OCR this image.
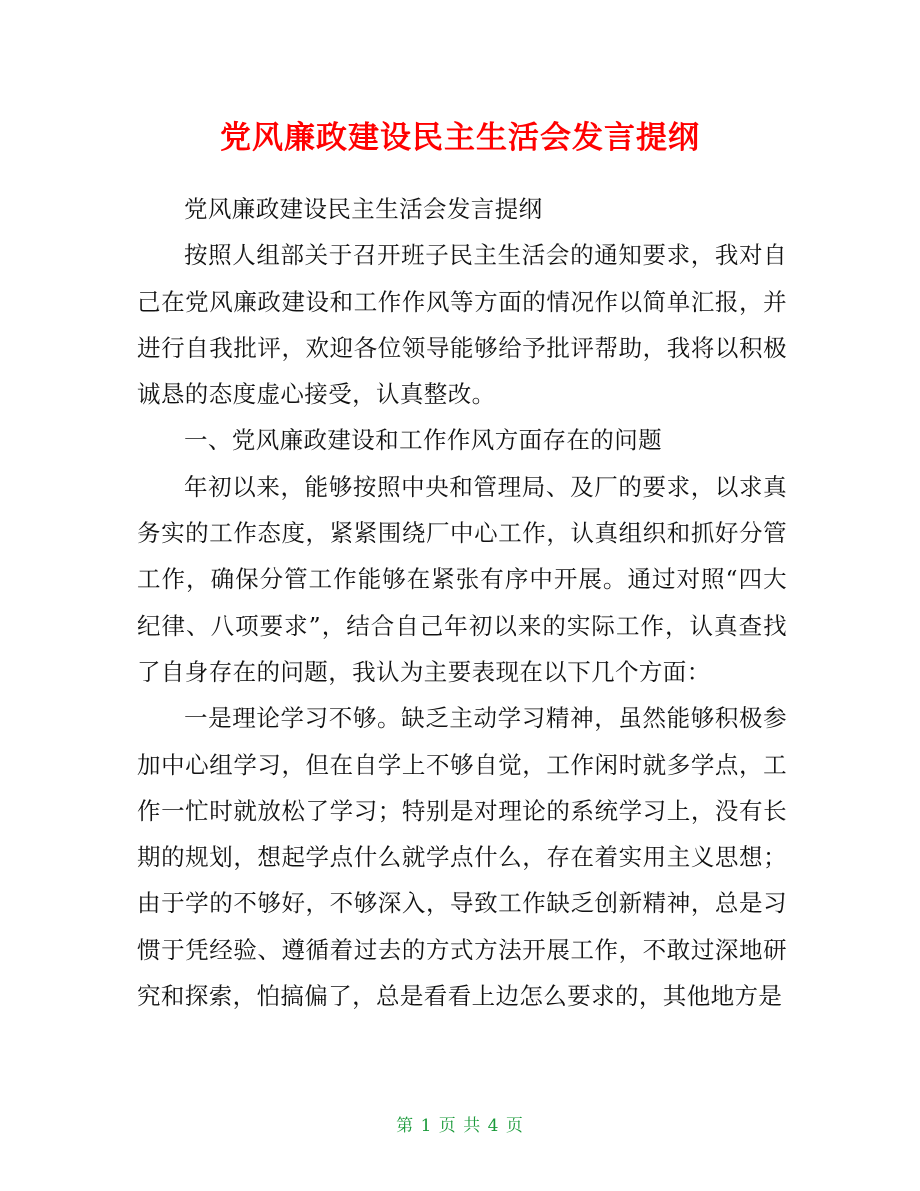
党风廉政建设民主生活会发言提纲

党风廉政建设民主生活会发言提纲

按照人组部关于召开班子民主生活会的通知要求，我对自己在党风廉政建设和工作作风等方面的情况作以简单汇报，并进行自我批评，欢迎各位领导能够给予批评帮助，我将以积极诚恳的态度虚心接受，认真整改。

一、党风廉政建设和工作作风方面存在的问题

年初以来，能够按照中央和管理局、及厂的要求，以求真务实的工作态度，紧紧围绕厂中心工作，认真组织和抓好分管工作，确保分管工作能够在紧张有序中开展。通过对照“四大纪律、八项要求”，结合自己年初以来的实际工作，认真查找了自身存在的问题，我认为主要表现在以下几个方面：

一是理论学习不够。缺乏主动学习精神，虽然能够积极参加中心组学习，但在自学上不够自觉，工作闲时就多学点，工作一忙时就放松了学习；特别是对理论的系统学习上，没有长期的规划，想起学点什么就学点什么，存在着实用主义思想；由于学的不够好，不够深入，导致工作缺乏创新精神，总是习惯于凭经验、遵循着过去的方式方法开展工作，不敢过深地研究和探索，怕搞偏了，总是看看上边怎么要求的，其他地方是

第 1 页 共 4 页
